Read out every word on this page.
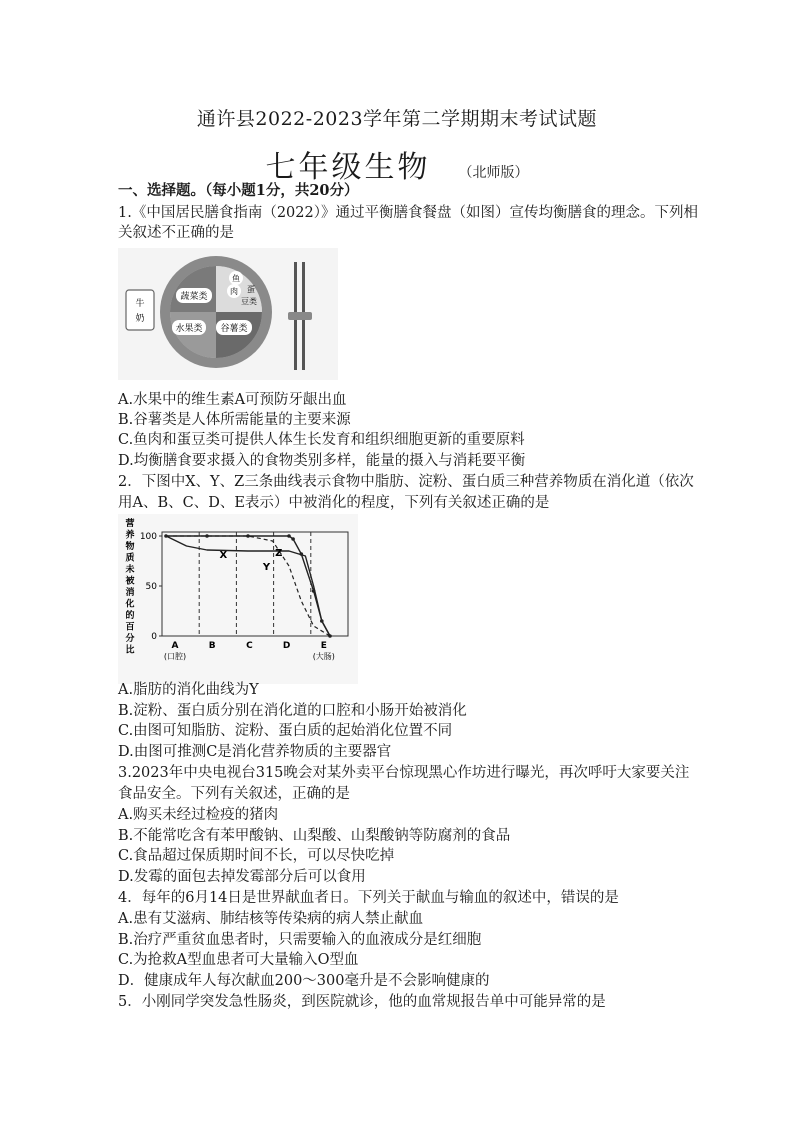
通许县2022-2023学年第二学期期末考试试题
七年级生物 （北师版）
一、选择题。（每小题1分，共20分）
1.《中国居民膳食指南（2022）》通过平衡膳食餐盘（如图）宣传均衡膳食的理念。下列相
关叙述不正确的是
牛
奶
蔬菜类
鱼
肉 蛋
豆类
水果类 谷薯类
A.水果中的维生素A可预防牙龈出血
B.谷薯类是人体所需能量的主要来源
C.鱼肉和蛋豆类可提供人体生长发育和组织细胞更新的重要原料
D.均衡膳食要求摄入的食物类别多样，能量的摄入与消耗要平衡
2．下图中X、Y、Z三条曲线表示食物中脂肪、淀粉、蛋白质三种营养物质在消化道（依次
用A、B、C、D、E表示）中被消化的程度，下列有关叙述正确的是
营
养
物
质
未
被
消
化
的
百
分
比
100
50
0
A
(口腔)
B	C	D	E
(大肠)
X
Y
Z
A.脂肪的消化曲线为Y
B.淀粉、蛋白质分别在消化道的口腔和小肠开始被消化
C.由图可知脂肪、淀粉、蛋白质的起始消化位置不同
D.由图可推测C是消化营养物质的主要器官
3.2023年中央电视台315晚会对某外卖平台惊现黑心作坊进行曝光，再次呼吁大家要关注
食品安全。下列有关叙述，正确的是
A.购买未经过检疫的猪肉
B.不能常吃含有苯甲酸钠、山梨酸、山梨酸钠等防腐剂的食品
C.食品超过保质期时间不长，可以尽快吃掉
D.发霉的面包去掉发霉部分后可以食用
4．每年的6月14日是世界献血者日。下列关于献血与输血的叙述中，错误的是
A.患有艾滋病、肺结核等传染病的病人禁止献血
B.治疗严重贫血患者时，只需要输入的血液成分是红细胞
C.为抢救A型血患者可大量输入O型血
D．健康成年人每次献血200～300毫升是不会影响健康的
5．小刚同学突发急性肠炎，到医院就诊，他的血常规报告单中可能异常的是
